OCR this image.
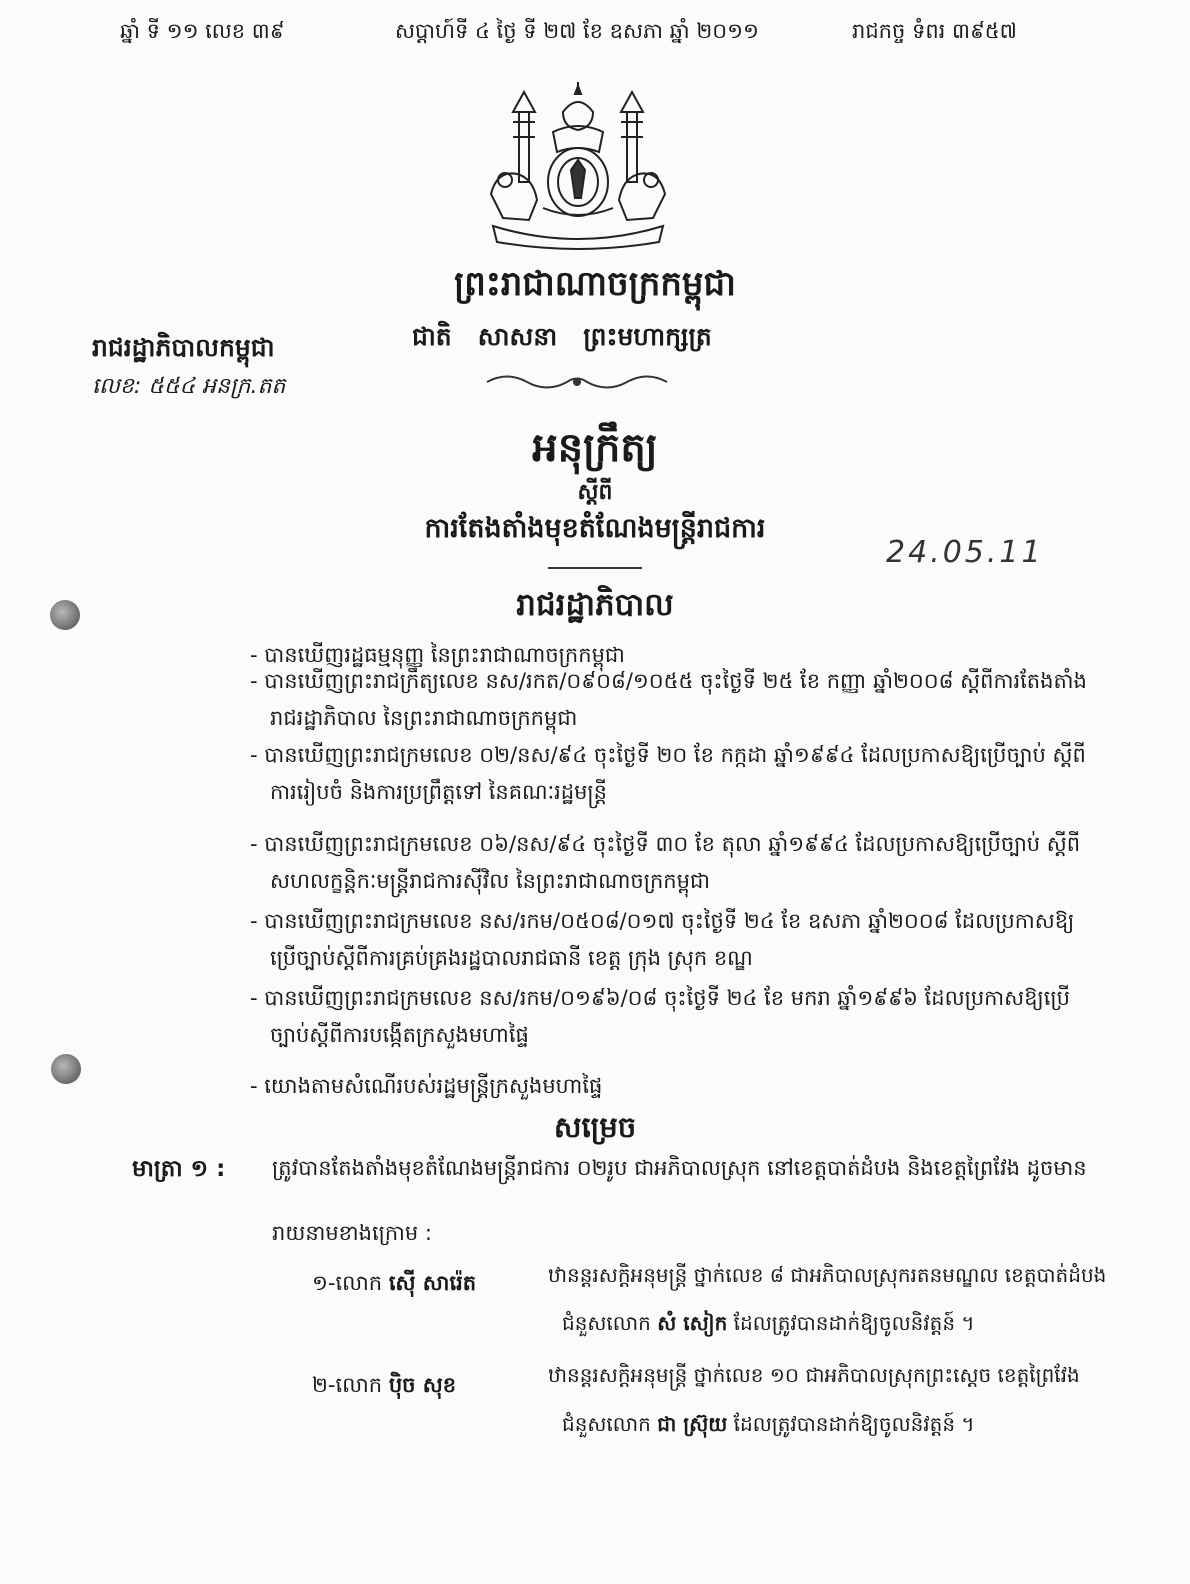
ឆ្នាំ ទី ១១ លេខ ៣៩	សប្តាហ៍ទី ៤ ថ្ងៃ ទី ២៧ ខែ ឧសភា ឆ្នាំ ២០១១	រាជកច្ច ទំពរ ៣៩៥៧
ព្រះរាជាណាចក្រកម្ពុជា
ជាតិ   សាសនា   ព្រះមហាក្សត្រ
រាជរដ្ឋាភិបាលកម្ពុជា
លេខ: ៥៥៤ អនក្រ.តត
អនុក្រឹត្យ
ស្តីពី
ការតែងតាំងមុខតំណែងមន្ត្រីរាជការ
24.05.11
រាជរដ្ឋាភិបាល
- បានឃើញរដ្ឋធម្មនុញ្ញ នៃព្រះរាជាណាចក្រកម្ពុជា
- បានឃើញព្រះរាជក្រឹត្យលេខ នស/រកត/០៩០៨/១០៥៥ ចុះថ្ងៃទី ២៥ ខែ កញ្ញា ឆ្នាំ២០០៨ ស្តីពីការតែងតាំង
រាជរដ្ឋាភិបាល នៃព្រះរាជាណាចក្រកម្ពុជា
- បានឃើញព្រះរាជក្រមលេខ ០២/នស/៩៤ ចុះថ្ងៃទី ២០ ខែ កក្កដា ឆ្នាំ១៩៩៤ ដែលប្រកាសឱ្យប្រើច្បាប់ ស្តីពី
ការរៀបចំ និងការប្រព្រឹត្តទៅ នៃគណៈរដ្ឋមន្ត្រី
- បានឃើញព្រះរាជក្រមលេខ ០៦/នស/៩៤ ចុះថ្ងៃទី ៣០ ខែ តុលា ឆ្នាំ១៩៩៤ ដែលប្រកាសឱ្យប្រើច្បាប់ ស្តីពី
សហលក្ខន្តិកៈមន្ត្រីរាជការស៊ីវិល នៃព្រះរាជាណាចក្រកម្ពុជា
- បានឃើញព្រះរាជក្រមលេខ នស/រកម/០៥០៨/០១៧ ចុះថ្ងៃទី ២៤ ខែ ឧសភា ឆ្នាំ២០០៨ ដែលប្រកាសឱ្យ
ប្រើច្បាប់ស្តីពីការគ្រប់គ្រងរដ្ឋបាលរាជធានី ខេត្ត ក្រុង ស្រុក ខណ្ឌ
- បានឃើញព្រះរាជក្រមលេខ នស/រកម/០១៩៦/០៨ ចុះថ្ងៃទី ២៤ ខែ មករា ឆ្នាំ១៩៩៦ ដែលប្រកាសឱ្យប្រើ
ច្បាប់ស្តីពីការបង្កើតក្រសួងមហាផ្ទៃ
- យោងតាមសំណើរបស់រដ្ឋមន្ត្រីក្រសួងមហាផ្ទៃ
សម្រេច
មាត្រា ១ : ត្រូវបានតែងតាំងមុខតំណែងមន្ត្រីរាជការ ០២រូប ជាអភិបាលស្រុក នៅខេត្តបាត់ដំបង និងខេត្តព្រៃវែង ដូចមាន
រាយនាមខាងក្រោម :
១-លោក ស៊ើ សារ៉េត	ឋានន្តរសក្តិអនុមន្ត្រី ថ្នាក់លេខ ៨ ជាអភិបាលស្រុករតនមណ្ឌល ខេត្តបាត់ដំបង
ជំនួសលោក សំ សៀក ដែលត្រូវបានដាក់ឱ្យចូលនិវត្តន៍ ។
២-លោក ប៉ិច សុខ	ឋានន្តរសក្តិអនុមន្ត្រី ថ្នាក់លេខ ១០ ជាអភិបាលស្រុកព្រះស្តេច ខេត្តព្រៃវែង
ជំនួសលោក ជា ស្រ៊ុយ ដែលត្រូវបានដាក់ឱ្យចូលនិវត្តន៍ ។
